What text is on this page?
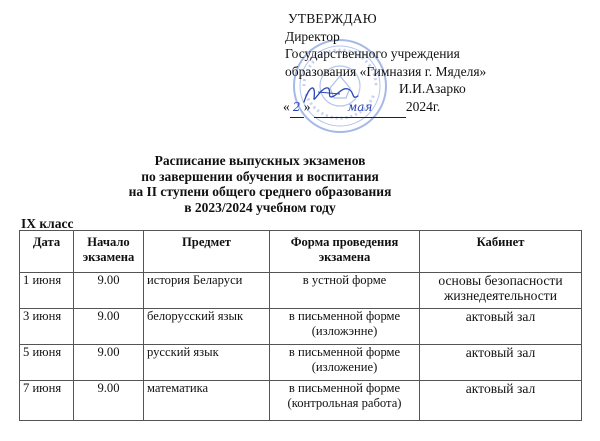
УТВЕРЖДАЮ
Директор
Государственного учреждения
образования «Гимназия г. Мяделя»
И.И.Азарко
« 2 »	мая 2024г.
Расписание выпускных экзаменов
по завершении обучения и воспитания
на II ступени общего среднего образования
в 2023/2024 учебном году
IX класс
Дата	Начало экзамена	Предмет	Форма проведения экзамена	Кабинет
1 июня	9.00	история Беларуси	в устной форме	основы безопасности жизнедеятельности
3 июня	9.00	белорусский язык	в письменной форме (изложэнне)	актовый зал
5 июня	9.00	русский язык	в письменной форме (изложение)	актовый зал
7 июня	9.00	математика	в письменной форме (контрольная работа)	актовый зал
